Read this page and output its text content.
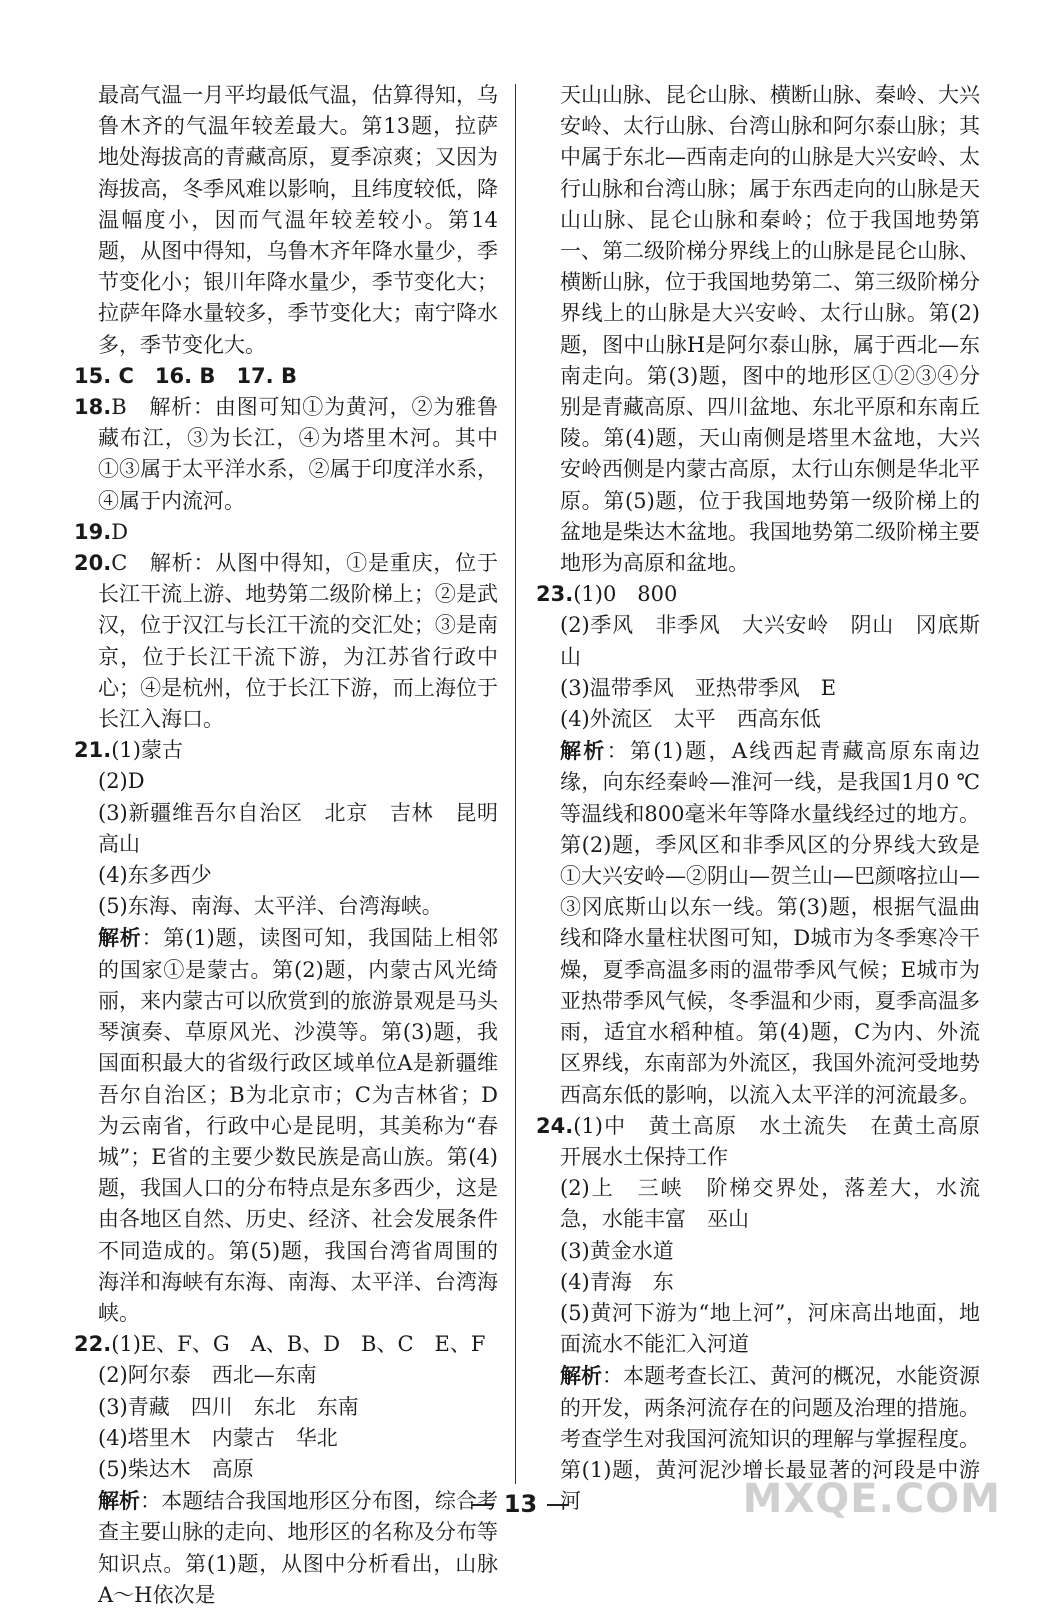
最高气温一月平均最低气温，估算得知，乌鲁木齐的气温年较差最大。第13题，拉萨地处海拔高的青藏高原，夏季凉爽；又因为海拔高，冬季风难以影响，且纬度较低，降温幅度小，因而气温年较差较小。第14题，从图中得知，乌鲁木齐年降水量少，季节变化小；银川年降水量少，季节变化大；拉萨年降水量较多，季节变化大；南宁降水多，季节变化大。

15. C　16. B　17. B

18.B　解析：由图可知①为黄河，②为雅鲁藏布江，③为长江，④为塔里木河。其中①③属于太平洋水系，②属于印度洋水系，④属于内流河。

19.D

20.C　解析：从图中得知，①是重庆，位于长江干流上游、地势第二级阶梯上；②是武汉，位于汉江与长江干流的交汇处；③是南京，位于长江干流下游，为江苏省行政中心；④是杭州，位于长江下游，而上海位于长江入海口。

21.(1)蒙古

(2)D

(3)新疆维吾尔自治区　北京　吉林　昆明　高山

(4)东多西少

(5)东海、南海、太平洋、台湾海峡。

解析：第(1)题，读图可知，我国陆上相邻的国家①是蒙古。第(2)题，内蒙古风光绮丽，来内蒙古可以欣赏到的旅游景观是马头琴演奏、草原风光、沙漠等。第(3)题，我国面积最大的省级行政区域单位A是新疆维吾尔自治区；B为北京市；C为吉林省；D为云南省，行政中心是昆明，其美称为“春城”；E省的主要少数民族是高山族。第(4)题，我国人口的分布特点是东多西少，这是由各地区自然、历史、经济、社会发展条件不同造成的。第(5)题，我国台湾省周围的海洋和海峡有东海、南海、太平洋、台湾海峡。

22.(1)E、F、G　A、B、D　B、C　E、F

(2)阿尔泰　西北—东南

(3)青藏　四川　东北　东南

(4)塔里木　内蒙古　华北

(5)柴达木　高原

解析：本题结合我国地形区分布图，综合考查主要山脉的走向、地形区的名称及分布等知识点。第(1)题，从图中分析看出，山脉A～H依次是

天山山脉、昆仑山脉、横断山脉、秦岭、大兴安岭、太行山脉、台湾山脉和阿尔泰山脉；其中属于东北—西南走向的山脉是大兴安岭、太行山脉和台湾山脉；属于东西走向的山脉是天山山脉、昆仑山脉和秦岭；位于我国地势第一、第二级阶梯分界线上的山脉是昆仑山脉、横断山脉，位于我国地势第二、第三级阶梯分界线上的山脉是大兴安岭、太行山脉。第(2)题，图中山脉H是阿尔泰山脉，属于西北—东南走向。第(3)题，图中的地形区①②③④分别是青藏高原、四川盆地、东北平原和东南丘陵。第(4)题，天山南侧是塔里木盆地，大兴安岭西侧是内蒙古高原，太行山东侧是华北平原。第(5)题，位于我国地势第一级阶梯上的盆地是柴达木盆地。我国地势第二级阶梯主要地形为高原和盆地。

23.(1)0　800

(2)季风　非季风　大兴安岭　阴山　冈底斯山

(3)温带季风　亚热带季风　E

(4)外流区　太平　西高东低

解析：第(1)题，A线西起青藏高原东南边缘，向东经秦岭—淮河一线，是我国1月0 ℃等温线和800毫米年等降水量线经过的地方。第(2)题，季风区和非季风区的分界线大致是①大兴安岭—②阴山—贺兰山—巴颜喀拉山—③冈底斯山以东一线。第(3)题，根据气温曲线和降水量柱状图可知，D城市为冬季寒冷干燥，夏季高温多雨的温带季风气候；E城市为亚热带季风气候，冬季温和少雨，夏季高温多雨，适宜水稻种植。第(4)题，C为内、外流区界线，东南部为外流区，我国外流河受地势西高东低的影响，以流入太平洋的河流最多。

24.(1)中　黄土高原　水土流失　在黄土高原开展水土保持工作

(2)上　三峡　阶梯交界处，落差大，水流急，水能丰富　巫山

(3)黄金水道

(4)青海　东

(5)黄河下游为“地上河”，河床高出地面，地面流水不能汇入河道

解析：本题考查长江、黄河的概况，水能资源的开发，两条河流存在的问题及治理的措施。考查学生对我国河流知识的理解与掌握程度。第(1)题，黄河泥沙增长最显著的河段是中游河

13	MXQE.COM
